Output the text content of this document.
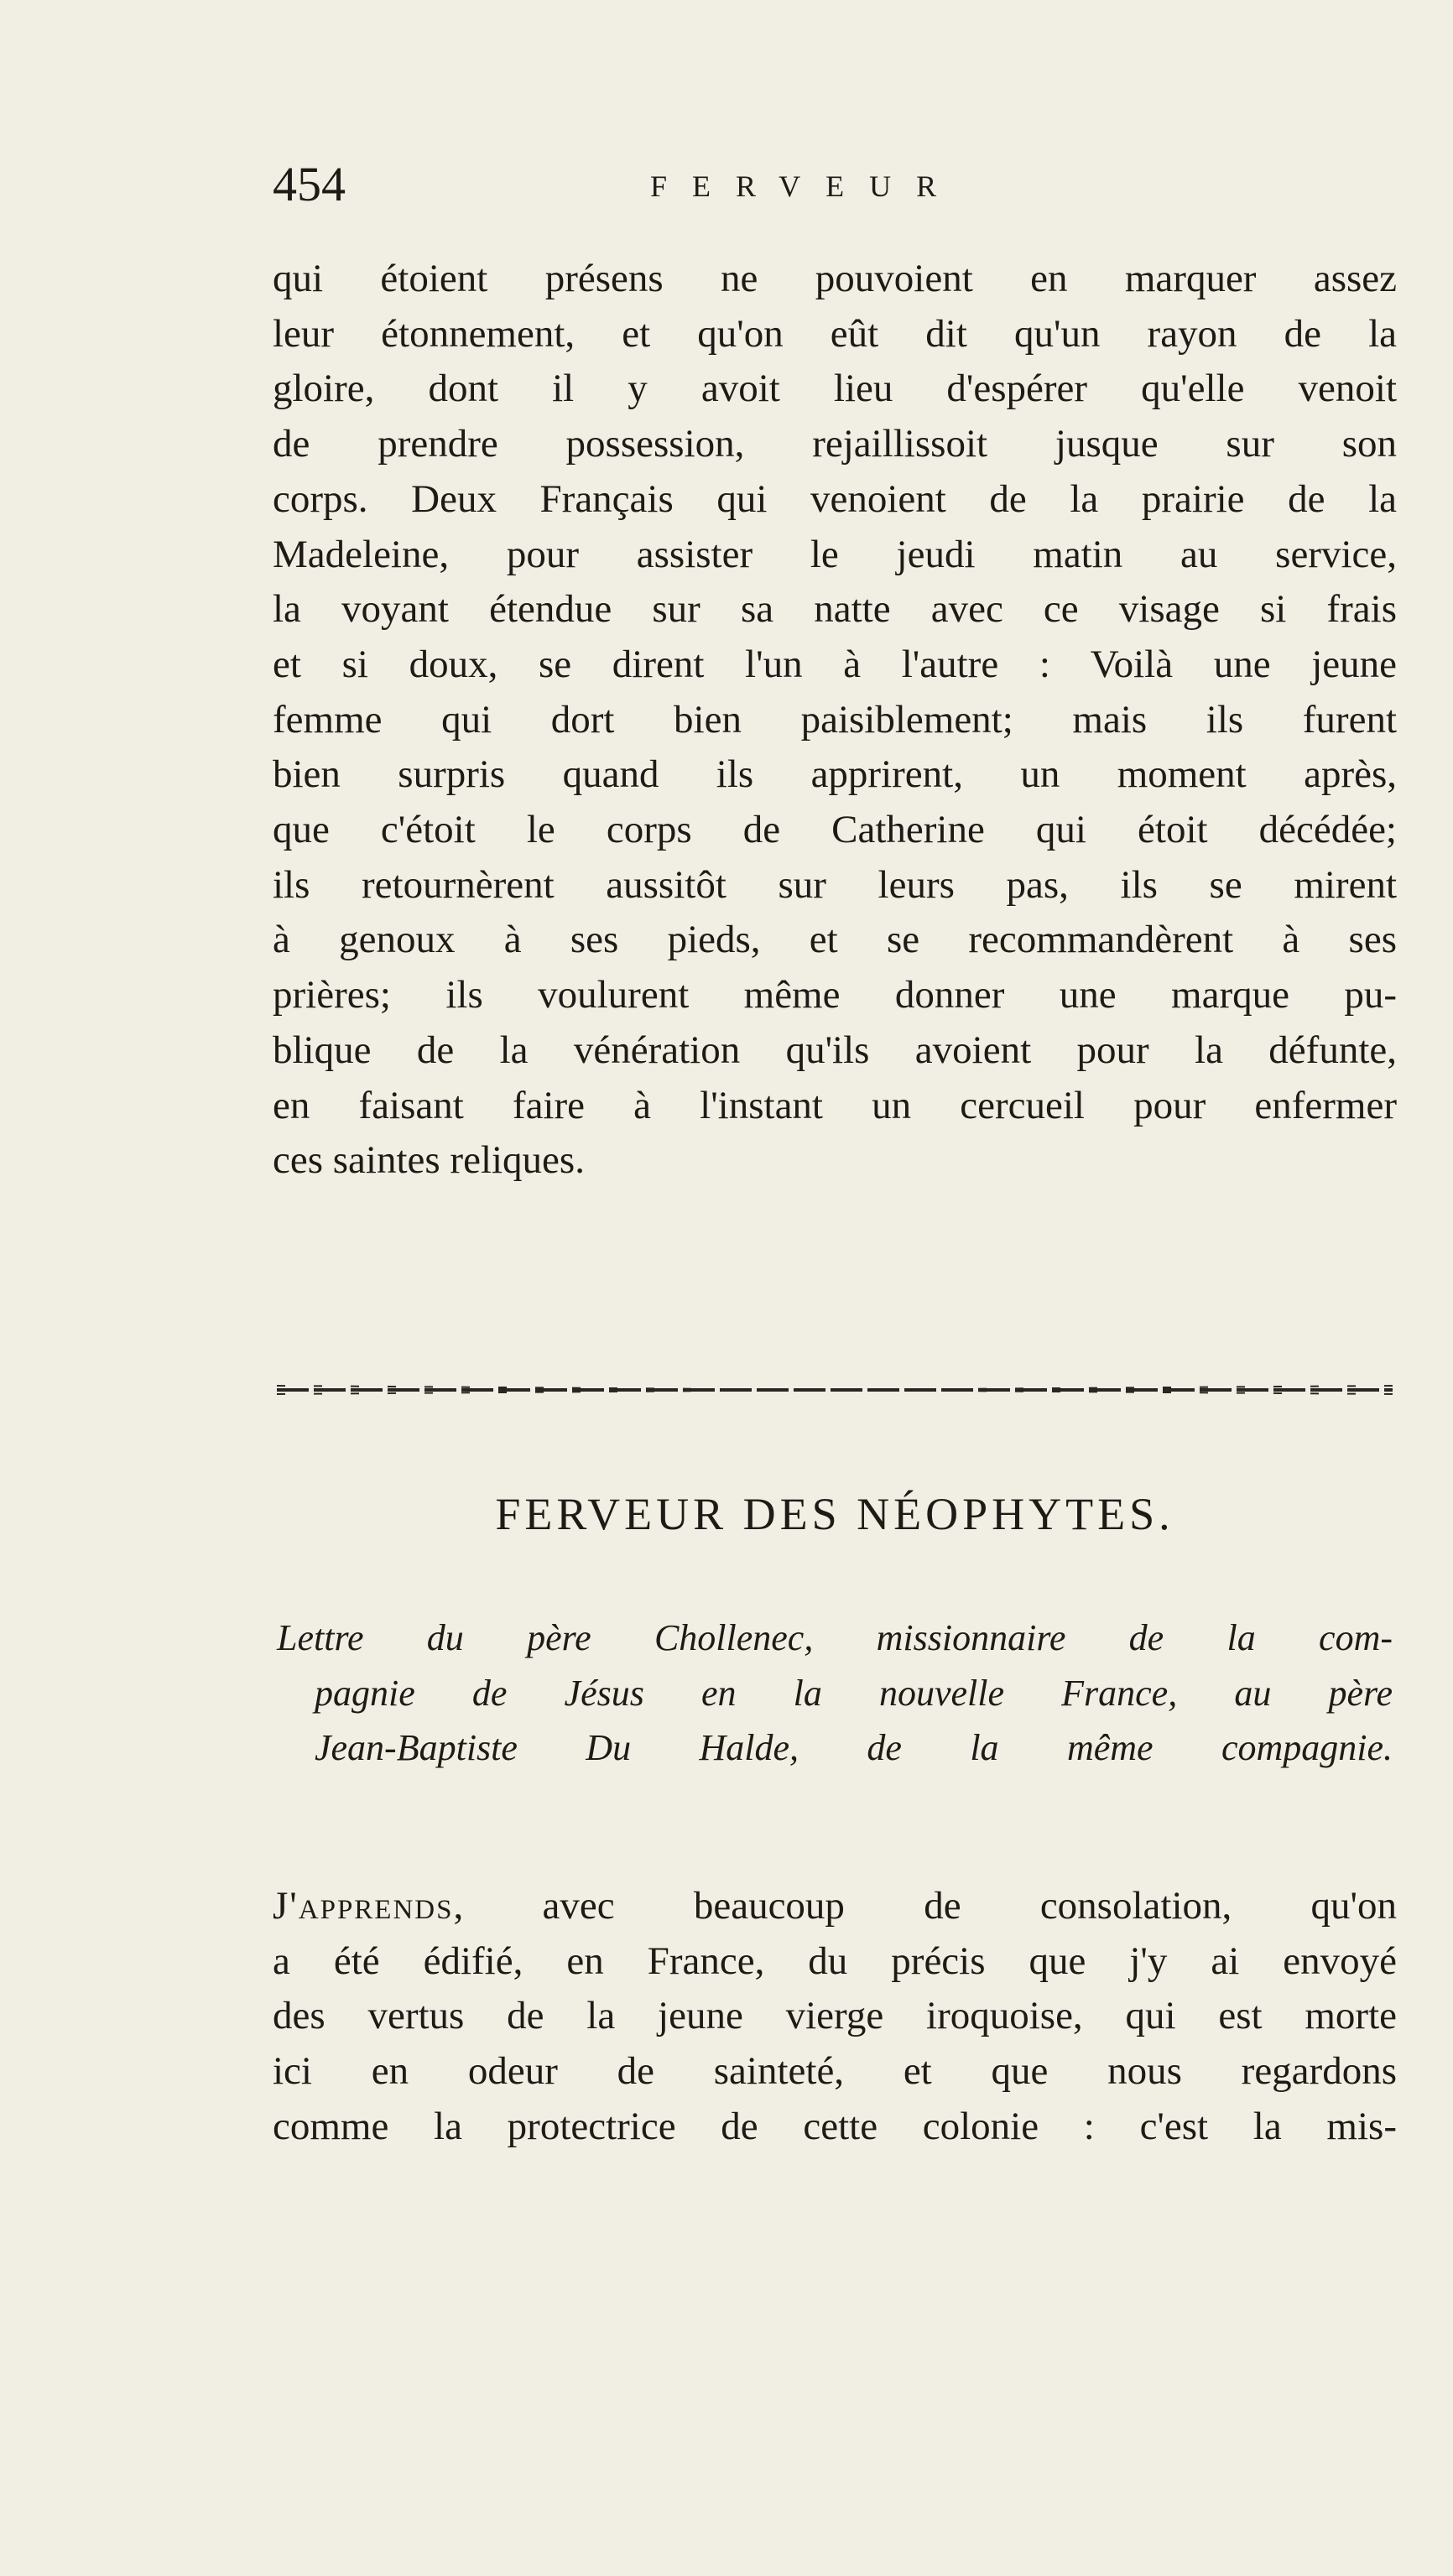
454	FERVEUR
qui étoient présens ne pouvoient en marquer assez
leur étonnement, et qu'on eût dit qu'un rayon de la
gloire, dont il y avoit lieu d'espérer qu'elle venoit
de prendre possession, rejaillissoit jusque sur son
corps. Deux Français qui venoient de la prairie de la
Madeleine, pour assister le jeudi matin au service,
la voyant étendue sur sa natte avec ce visage si frais
et si doux, se dirent l'un à l'autre : Voilà une jeune
femme qui dort bien paisiblement; mais ils furent
bien surpris quand ils apprirent, un moment après,
que c'étoit le corps de Catherine qui étoit décédée;
ils retournèrent aussitôt sur leurs pas, ils se mirent
à genoux à ses pieds, et se recommandèrent à ses
prières; ils voulurent même donner une marque pu-
blique de la vénération qu'ils avoient pour la défunte,
en faisant faire à l'instant un cercueil pour enfermer
ces saintes reliques.
FERVEUR DES NÉOPHYTES.
Lettre du père Chollenec, missionnaire de la com-
pagnie de Jésus en la nouvelle France, au père
Jean-Baptiste Du Halde, de la même compagnie.
J'apprends, avec beaucoup de consolation, qu'on
a été édifié, en France, du précis que j'y ai envoyé
des vertus de la jeune vierge iroquoise, qui est morte
ici en odeur de sainteté, et que nous regardons
comme la protectrice de cette colonie : c'est la mis-
